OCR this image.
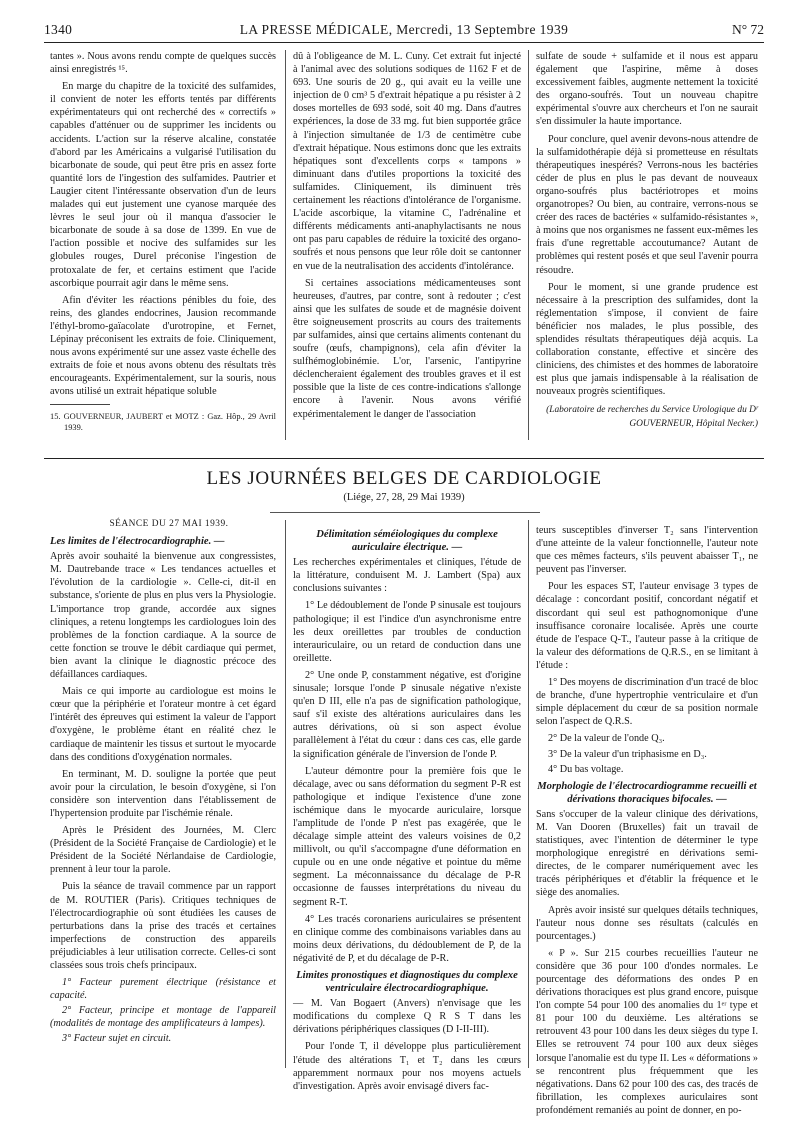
1340	LA PRESSE MÉDICALE, Mercredi, 13 Septembre 1939	N° 72

tantes ». Nous avons rendu compte de quelques succès ainsi enregistrés ¹⁵.

En marge du chapitre de la toxicité des sulfamides, il convient de noter les efforts tentés par différents expérimentateurs qui ont recherché des « correctifs » capables d'atténuer ou de supprimer les incidents ou accidents. L'action sur la réserve alcaline, constatée d'abord par les Américains a vulgarisé l'utilisation du bicarbonate de soude, qui peut être pris en assez forte quantité lors de l'ingestion des sulfamides. Pautrier et Laugier citent l'intéressante observation d'un de leurs malades qui eut justement une cyanose marquée des lèvres le seul jour où il manqua d'associer le bicarbonate de soude à sa dose de 1399. En vue de l'action possible et nocive des sulfamides sur les globules rouges, Durel préconise l'ingestion de protoxalate de fer, et certains estiment que l'acide ascorbique pourrait agir dans le même sens.

Afin d'éviter les réactions pénibles du foie, des reins, des glandes endocrines, Jausion recommande l'éthyl-bromo-gaïacolate d'urotropine, et Fernet, Lépinay préconisent les extraits de foie. Cliniquement, nous avons expérimenté sur une assez vaste échelle des extraits de foie et nous avons obtenu des résultats très encourageants. Expérimentalement, sur la souris, nous avons utilisé un extrait hépatique soluble

15. GOUVERNEUR, JAUBERT et MOTZ : Gaz. Hôp., 29 Avril 1939.

dû à l'obligeance de M. L. Cuny. Cet extrait fut injecté à l'animal avec des solutions sodiques de 1162 F et de 693. Une souris de 20 g., qui avait eu la veille une injection de 0 cm³ 5 d'extrait hépatique a pu résister à 2 doses mortelles de 693 sodé, soit 40 mg. Dans d'autres expériences, la dose de 33 mg. fut bien supportée grâce à l'injection simultanée de 1/3 de centimètre cube d'extrait hépatique. Nous estimons donc que les extraits hépatiques sont d'excellents corps « tampons » diminuant dans d'utiles proportions la toxicité des sulfamides. Cliniquement, ils diminuent très certainement les réactions d'intolérance de l'organisme. L'acide ascorbique, la vitamine C, l'adrénaline et différents médicaments anti-anaphylactisants ne nous ont pas paru capables de réduire la toxicité des organo-soufrés et nous pensons que leur rôle doit se cantonner en vue de la neutralisation des accidents d'intolérance.

Si certaines associations médicamenteuses sont heureuses, d'autres, par contre, sont à redouter ; c'est ainsi que les sulfates de soude et de magnésie doivent être soigneusement proscrits au cours des traitements par sulfamides, ainsi que certains aliments contenant du soufre (œufs, champignons), cela afin d'éviter la sulfhémoglobinémie. L'or, l'arsenic, l'antipyrine déclencheraient également des troubles graves et il est possible que la liste de ces contre-indications s'allonge encore à l'avenir. Nous avons vérifié expérimentalement le danger de l'association

sulfate de soude + sulfamide et il nous est apparu également que l'aspirine, même à doses excessivement faibles, augmente nettement la toxicité des organo-soufrés. Tout un nouveau chapitre expérimental s'ouvre aux chercheurs et l'on ne saurait s'en dissimuler la haute importance.

Pour conclure, quel avenir devons-nous attendre de la sulfamidothérapie déjà si prometteuse en résultats thérapeutiques inespérés? Verrons-nous les bactéries céder de plus en plus le pas devant de nouveaux organo-soufrés plus bactériotropes et moins organotropes? Ou bien, au contraire, verrons-nous se créer des races de bactéries « sulfamido-résistantes », à moins que nos organismes ne fassent eux-mêmes les frais d'une regrettable accoutumance? Autant de problèmes qui restent posés et que seul l'avenir pourra résoudre.

Pour le moment, si une grande prudence est nécessaire à la prescription des sulfamides, dont la réglementation s'impose, il convient de faire bénéficier nos malades, le plus possible, des splendides résultats thérapeutiques déjà acquis. La collaboration constante, effective et sincère des cliniciens, des chimistes et des hommes de laboratoire est plus que jamais indispensable à la réalisation de nouveaux progrès scientifiques.

(Laboratoire de recherches du Service Urologique du Dʳ GOUVERNEUR, Hôpital Necker.)

LES JOURNÉES BELGES DE CARDIOLOGIE
(Liége, 27, 28, 29 Mai 1939)

SÉANCE DU 27 MAI 1939.

Les limites de l'électrocardiographie. —

Après avoir souhaité la bienvenue aux congressistes, M. Dautrebande trace « Les tendances actuelles et l'évolution de la cardiologie ». Celle-ci, dit-il en substance, s'oriente de plus en plus vers la Physiologie. L'importance trop grande, accordée aux signes cliniques, a retenu longtemps les cardiologues loin des problèmes de la fonction cardiaque. A la source de cette fonction se trouve le débit cardiaque qui permet, bien avant la clinique le diagnostic précoce des défaillances cardiaques.

Mais ce qui importe au cardiologue est moins le cœur que la périphérie et l'orateur montre à cet égard l'intérêt des épreuves qui estiment la valeur de l'apport d'oxygène, le problème étant en réalité chez le cardiaque de maintenir les tissus et surtout le myocarde dans des conditions d'oxygénation normales.

En terminant, M. D. souligne la portée que peut avoir pour la circulation, le besoin d'oxygène, si l'on considère son intervention dans l'établissement de l'hypertension produite par l'ischémie rénale.

Après le Président des Journées, M. Clerc (Président de la Société Française de Cardiologie) et le Président de la Société Nérlandaise de Cardiologie, prennent à leur tour la parole.

Puis la séance de travail commence par un rapport de M. ROUTIER (Paris). Critiques techniques de l'électrocardiographie où sont étudiées les causes de perturbations dans la prise des tracés et certaines imperfections de construction des appareils préjudiciables à leur utilisation correcte. Celles-ci sont classées sous trois chefs principaux.

1° Facteur purement électrique (résistance et capacité.

2° Facteur, principe et montage de l'appareil (modalités de montage des amplificateurs à lampes).

3° Facteur sujet en circuit.

Délimitation séméiologiques du complexe auriculaire électrique. —

Les recherches expérimentales et cliniques, l'étude de la littérature, conduisent M. J. Lambert (Spa) aux conclusions suivantes :

1° Le dédoublement de l'onde P sinusale est toujours pathologique; il est l'indice d'un asynchronisme entre les deux oreillettes par troubles de conduction interauriculaire, ou un retard de conduction dans une oreillette.

2° Une onde P, constamment négative, est d'origine sinusale; lorsque l'onde P sinusale négative n'existe qu'en D III, elle n'a pas de signification pathologique, sauf s'il existe des altérations auriculaires dans les autres dérivations, où si son aspect évolue parallèlement à l'état du cœur : dans ces cas, elle garde la signification générale de l'inversion de l'onde P.

L'auteur démontre pour la première fois que le décalage, avec ou sans déformation du segment P-R est pathologique et indique l'existence d'une zone ischémique dans le myocarde auriculaire, lorsque l'amplitude de l'onde P n'est pas exagérée, que le décalage simple atteint des valeurs voisines de 0,2 millivolt, ou qu'il s'accompagne d'une déformation en cupule ou en une onde négative et pointue du même segment. La méconnaissance du décalage de P-R occasionne de fausses interprétations du niveau du segment R-T.

4° Les tracés coronariens auriculaires se présentent en clinique comme des combinaisons variables dans au moins deux dérivations, du dédoublement de P, de la négativité de P, et du décalage de P-R.

Limites pronostiques et diagnostiques du complexe ventriculaire électrocardiographique.

— M. Van Bogaert (Anvers) n'envisage que les modifications du complexe Q R S T dans les dérivations périphériques classiques (D I-II-III).

Pour l'onde T, il développe plus particulièrement l'étude des altérations T₁ et T₂ dans les cœurs apparemment normaux pour nos moyens actuels d'investigation. Après avoir envisagé divers fac-

teurs susceptibles d'inverser T₂ sans l'intervention d'une atteinte de la valeur fonctionnelle, l'auteur note que ces mêmes facteurs, s'ils peuvent abaisser T₁, ne peuvent pas l'inverser.

Pour les espaces ST, l'auteur envisage 3 types de décalage : concordant positif, concordant négatif et discordant qui seul est pathognomonique d'une insuffisance coronaire localisée. Après une courte étude de l'espace Q-T., l'auteur passe à la critique de la valeur des déformations de Q.R.S., en se limitant à l'étude :

1° Des moyens de discrimination d'un tracé de bloc de branche, d'une hypertrophie ventriculaire et d'un simple déplacement du cœur de sa position normale selon l'aspect de Q.R.S.

2° De la valeur de l'onde Q₃.

3° De la valeur d'un triphasisme en D₃.

4° Du bas voltage.

Morphologie de l'électrocardiogramme recueilli et dérivations thoraciques bifocales. —

Sans s'occuper de la valeur clinique des dérivations, M. Van Dooren (Bruxelles) fait un travail de statistiques, avec l'intention de déterminer le type morphologique enregistré en dérivations semi-directes, de le comparer numériquement avec les tracés périphériques et d'établir la fréquence et le siège des anomalies.

Après avoir insisté sur quelques détails techniques, l'auteur nous donne ses résultats (calculés en pourcentages.)

« P ». Sur 215 courbes recueillies l'auteur ne considère que 36 pour 100 d'ondes normales. Le pourcentage des déformations des ondes P en dérivations thoraciques est plus grand encore, puisque l'on compte 54 pour 100 des anomalies du 1ᵉʳ type et 81 pour 100 du deuxième. Les altérations se retrouvent 43 pour 100 dans les deux sièges du type I. Elles se retrouvent 74 pour 100 aux deux sièges lorsque l'anomalie est du type II. Les « déformations » se rencontrent plus fréquemment que les négativations. Dans 62 pour 100 des cas, des tracés de fibrillation, les complexes auriculaires sont profondément remaniés au point de donner, en po-
